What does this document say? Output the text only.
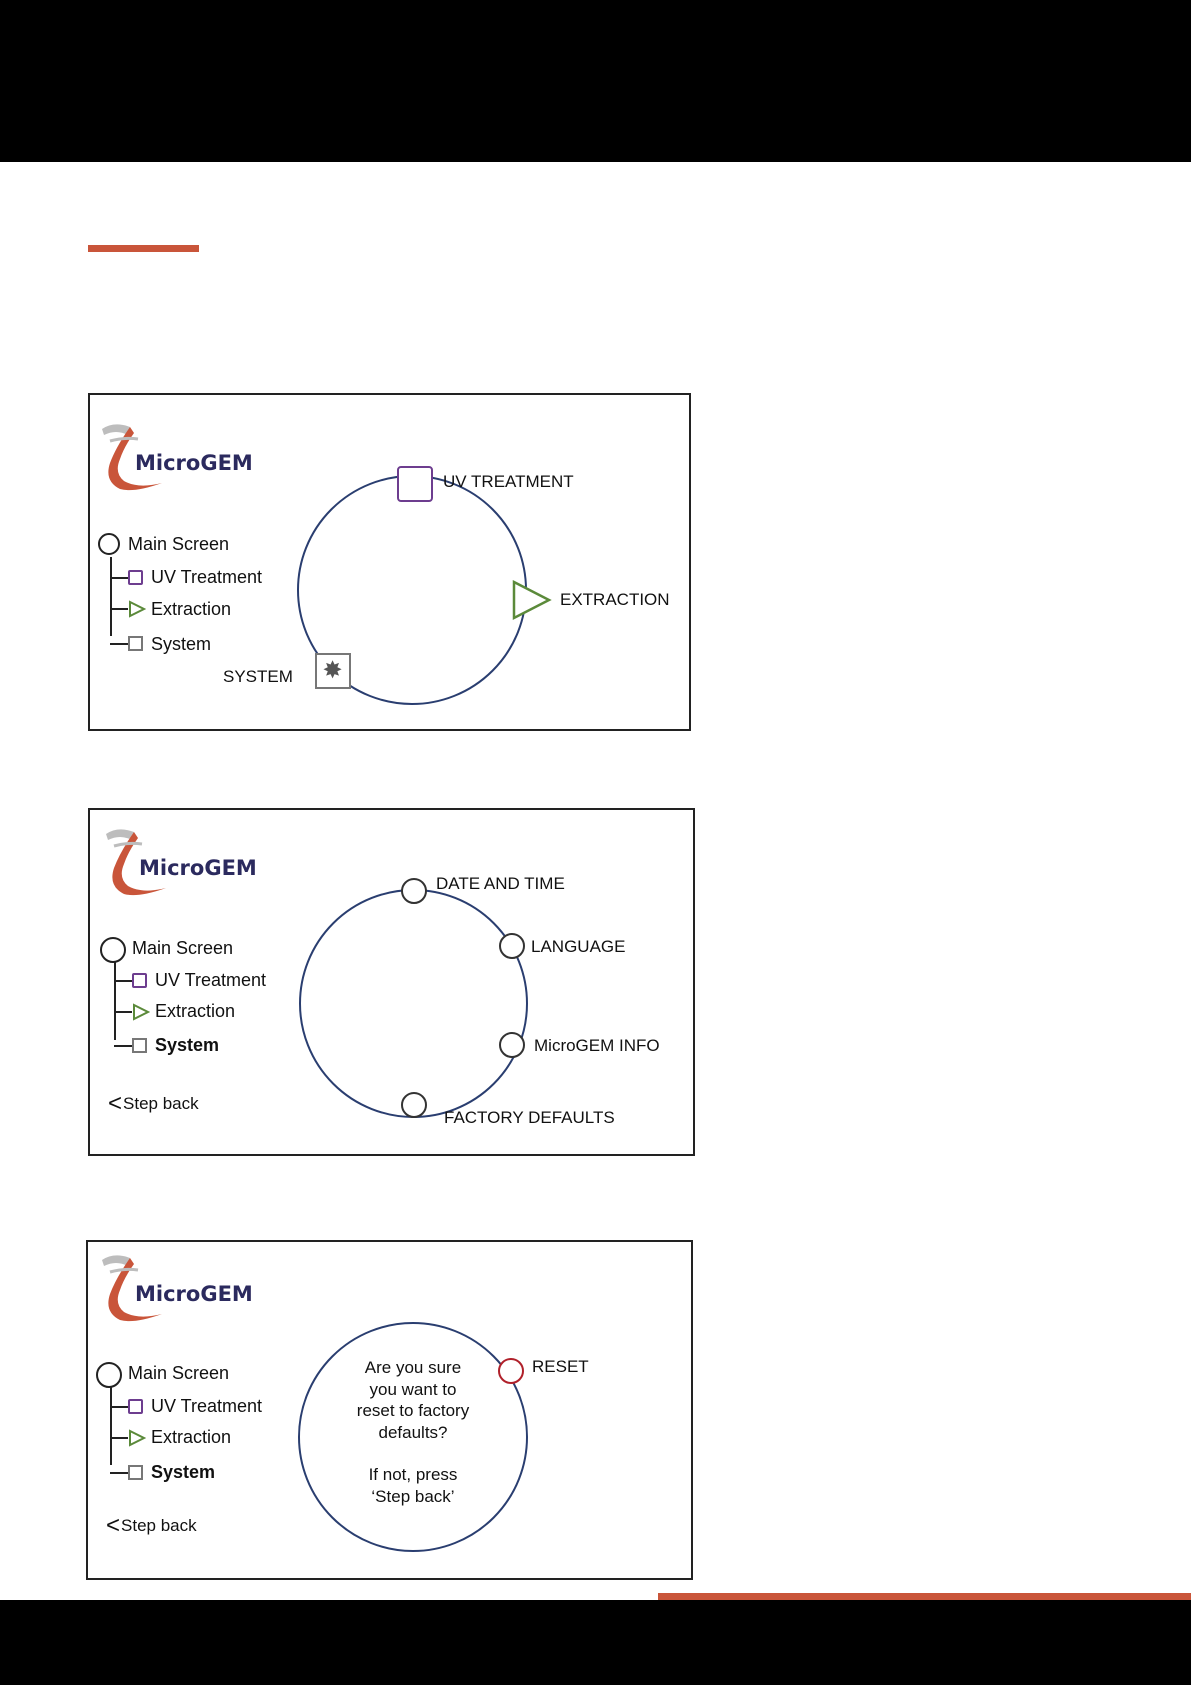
MicroGEM
Main Screen
UV Treatment
Extraction
System
UV TREATMENT
EXTRACTION
✸
SYSTEM
MicroGEM
Main Screen
UV Treatment
Extraction
System
<Step back
DATE AND TIME
LANGUAGE
MicroGEM INFO
FACTORY DEFAULTS
MicroGEM
Main Screen
UV Treatment
Extraction
System
<Step back
Are you sure
you want to
reset to factory
defaults?
If not, press
‘Step back’
RESET
